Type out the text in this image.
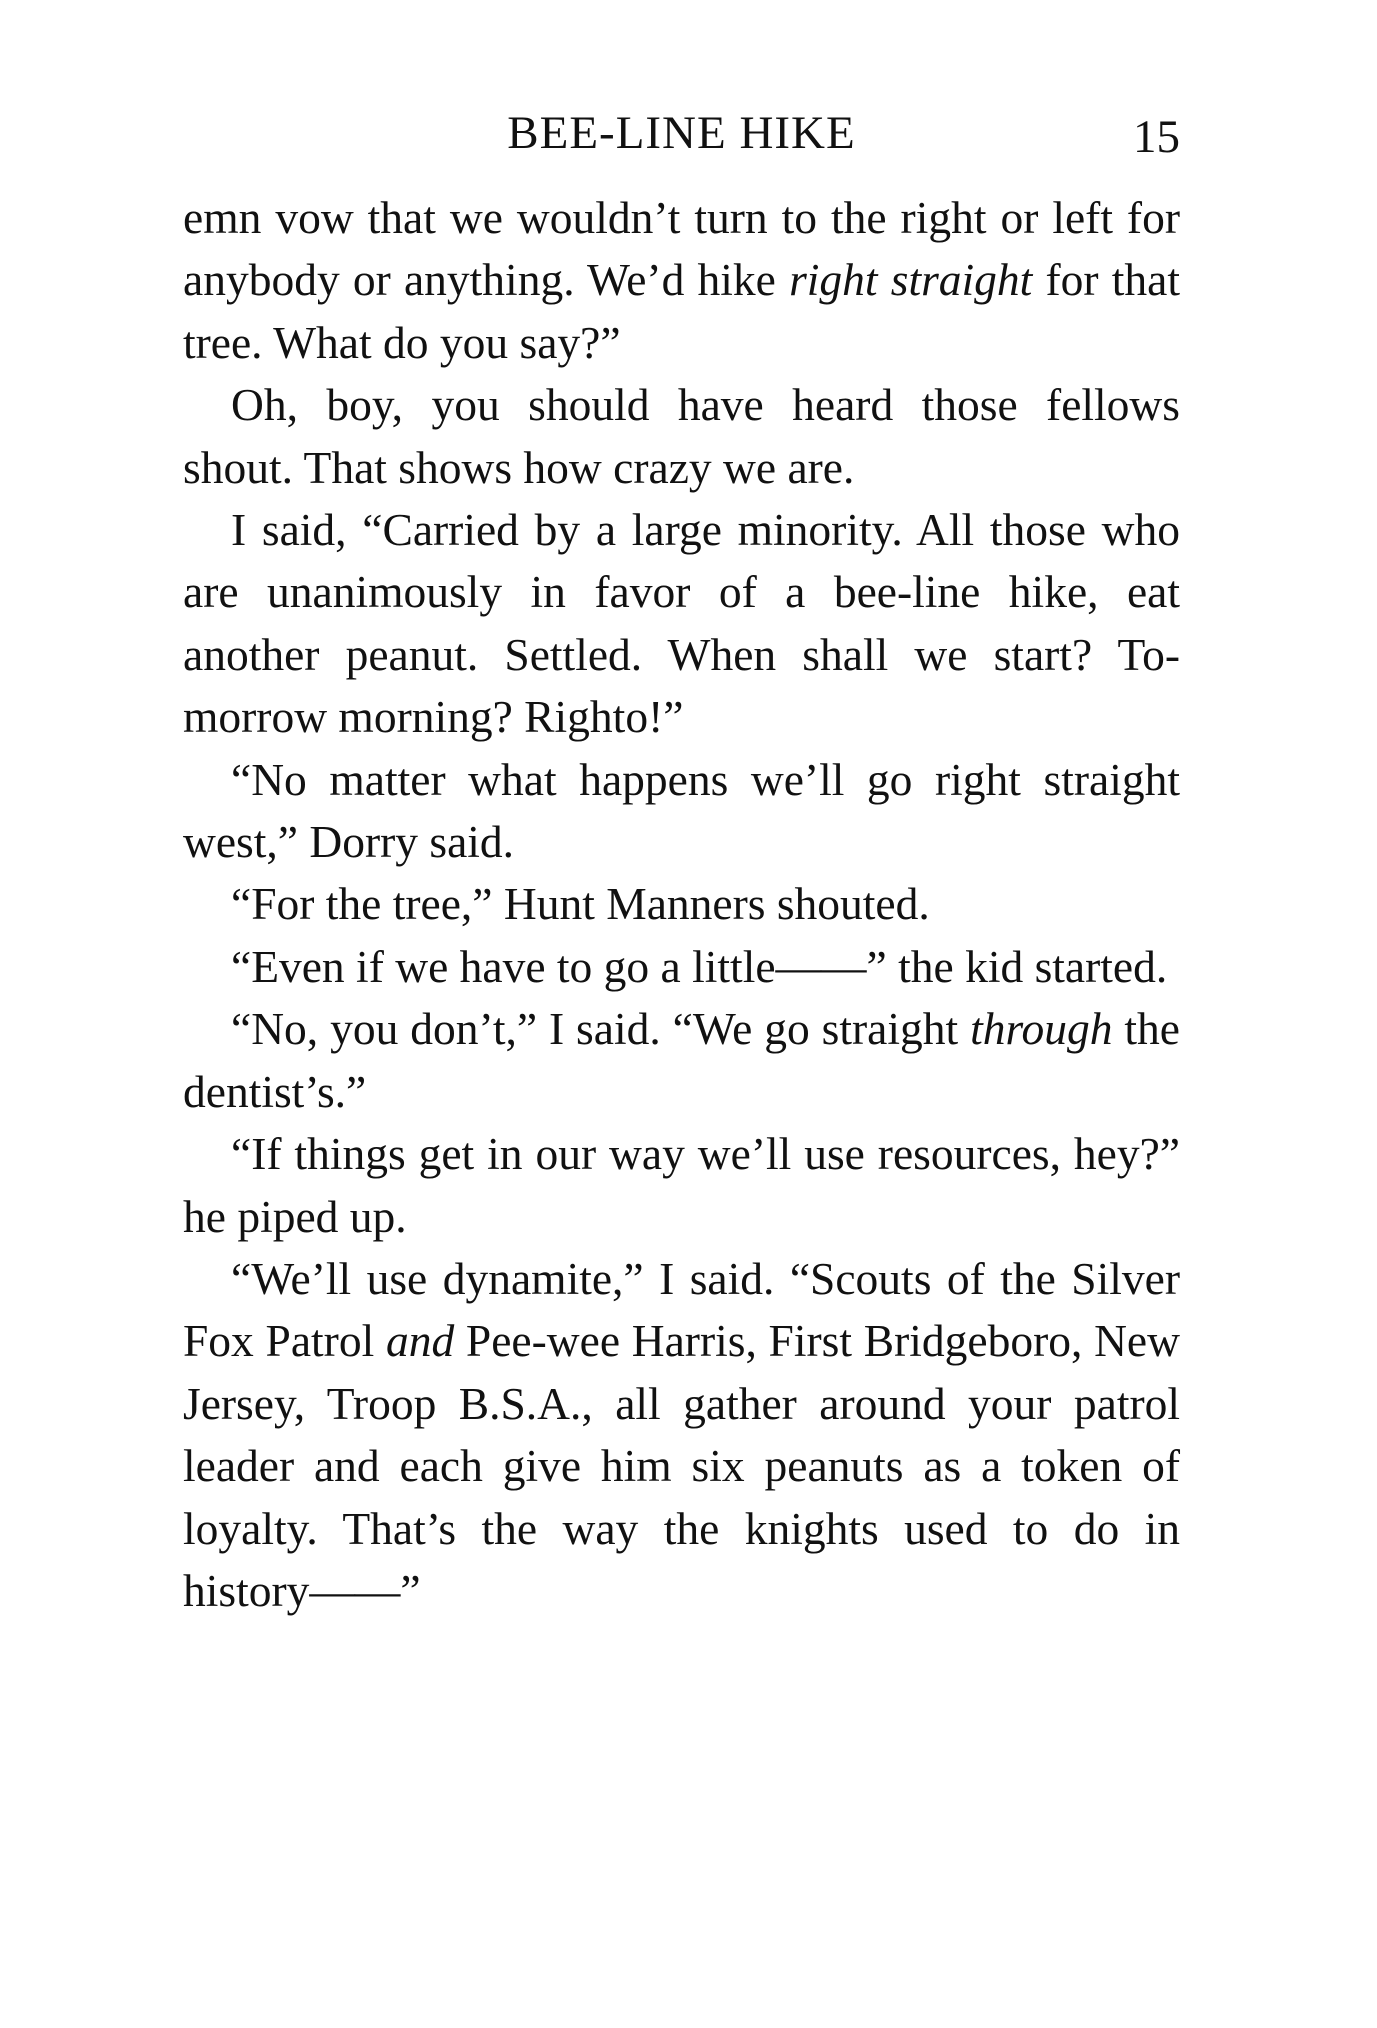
BEE-LINE HIKE	15

emn vow that we wouldn’t turn to the right or left for anybody or anything. We’d hike right straight for that tree. What do you say?”

Oh, boy, you should have heard those fellows shout. That shows how crazy we are.

I said, “Carried by a large minority. All those who are unanimously in favor of a bee-line hike, eat another peanut. Settled. When shall we start? To-morrow morning? Righto!”

“No matter what happens we’ll go right straight west,” Dorry said.

“For the tree,” Hunt Manners shouted.

“Even if we have to go a little——” the kid started.

“No, you don’t,” I said. “We go straight through the dentist’s.”

“If things get in our way we’ll use resources, hey?” he piped up.

“We’ll use dynamite,” I said. “Scouts of the Silver Fox Patrol and Pee-wee Harris, First Bridgeboro, New Jersey, Troop B.S.A., all gather around your patrol leader and each give him six peanuts as a token of loyalty. That’s the way the knights used to do in history——”
